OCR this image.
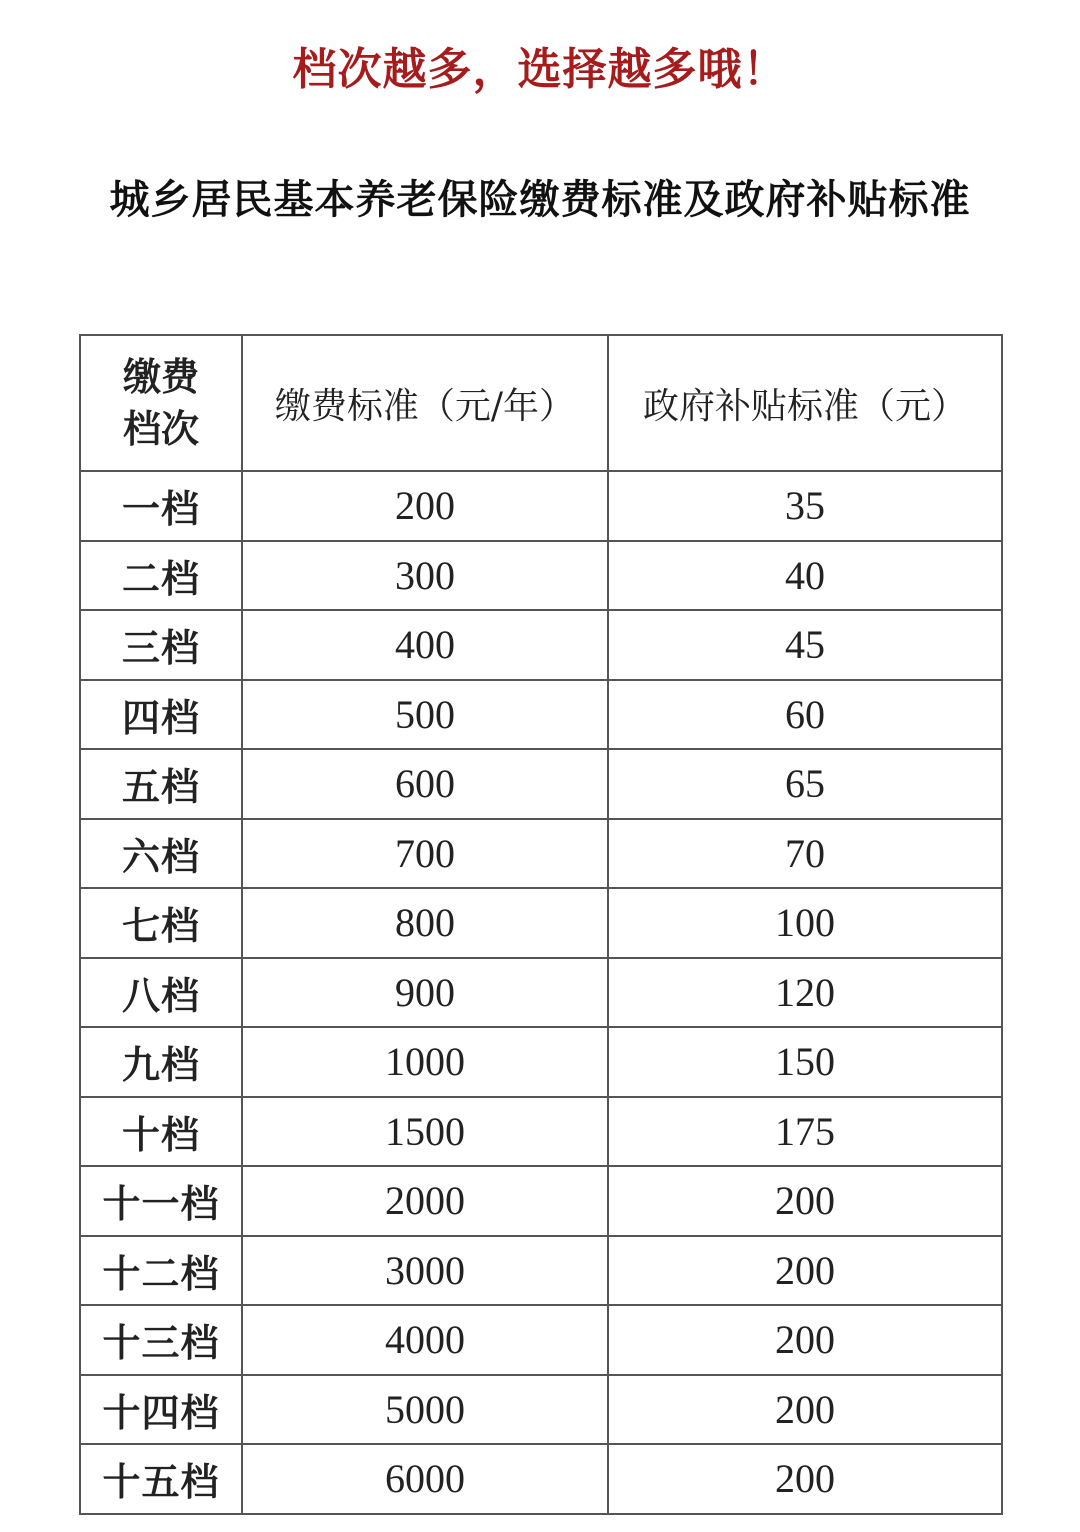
档次越多，选择越多哦！
城乡居民基本养老保险缴费标准及政府补贴标准
缴费
档次	缴费标准（元/年）	政府补贴标准（元）
一档	200	35
二档	300	40
三档	400	45
四档	500	60
五档	600	65
六档	700	70
七档	800	100
八档	900	120
九档	1000	150
十档	1500	175
十一档	2000	200
十二档	3000	200
十三档	4000	200
十四档	5000	200
十五档	6000	200
